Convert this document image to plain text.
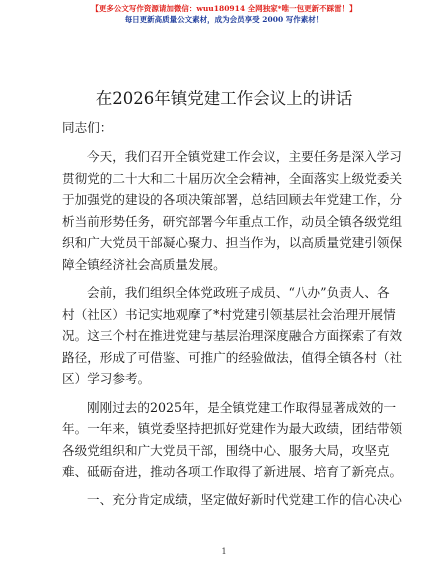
【更多公文写作资源请加微信：wuu180914 全网独家*唯一包更新不踩雷！】
每日更新高质量公文素材，成为会员享受 2000 写作素材！
在2026年镇党建工作会议上的讲话
同志们：

今天，我们召开全镇党建工作会议，主要任务是深入学习

贯彻党的二十大和二十届历次全会精神，全面落实上级党委关

于加强党的建设的各项决策部署，总结回顾去年党建工作，分

析当前形势任务，研究部署今年重点工作，动员全镇各级党组

织和广大党员干部凝心聚力、担当作为，以高质量党建引领保

障全镇经济社会高质量发展。

会前，我们组织全体党政班子成员、“八办”负责人、各

村（社区）书记实地观摩了*村党建引领基层社会治理开展情

况。这三个村在推进党建与基层治理深度融合方面探索了有效

路径，形成了可借鉴、可推广的经验做法，值得全镇各村（社

区）学习参考。

刚刚过去的2025年，是全镇党建工作取得显著成效的一

年。一年来，镇党委坚持把抓好党建作为最大政绩，团结带领

各级党组织和广大党员干部，围绕中心、服务大局，攻坚克

难、砥砺奋进，推动各项工作取得了新进展、培育了新亮点。

一、充分肯定成绩，坚定做好新时代党建工作的信心决心

1
